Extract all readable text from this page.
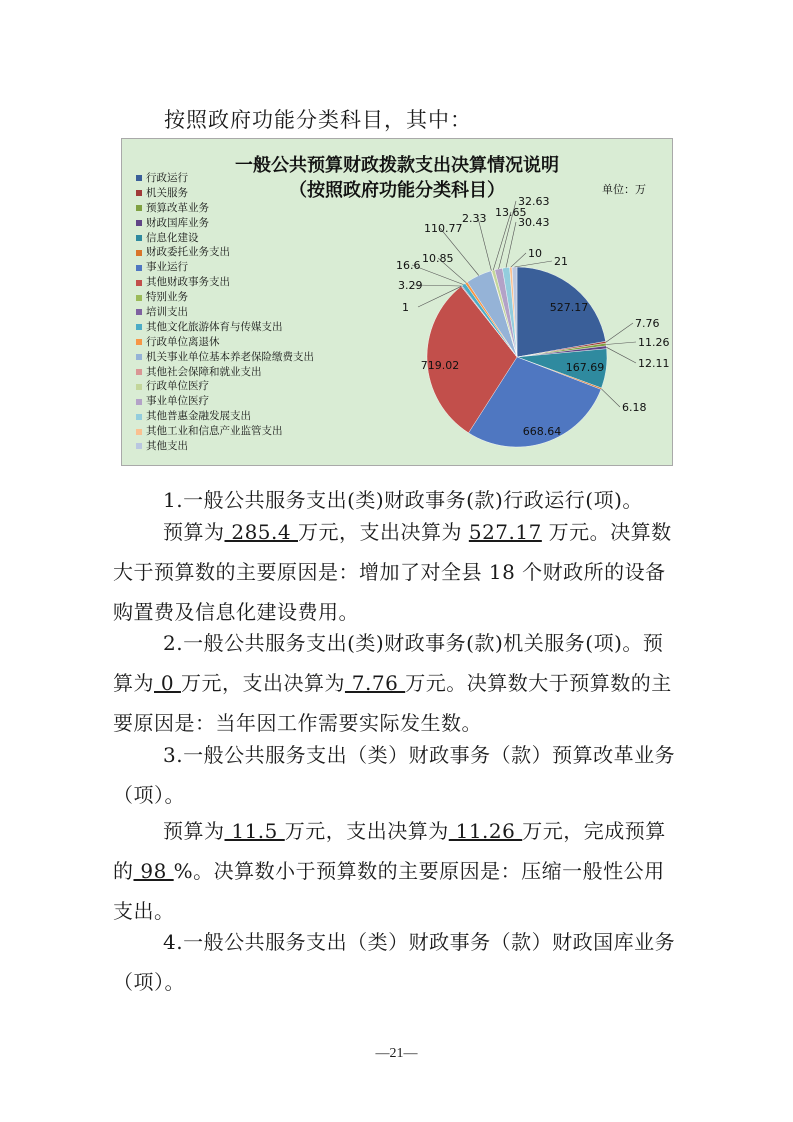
按照政府功能分类科目，其中：
527.17
7.76
11.26
12.11
167.69
6.18
668.64
719.02
1
3.29
16.6
10.85
110.77
2.33 13.65
32.63
30.43
10
21
一般公共预算财政拨款支出决算情况说明
（按照政府功能分类科目）	单位：万
行政运行
机关服务
预算改革业务
财政国库业务
信息化建设
财政委托业务支出
事业运行
其他财政事务支出
特别业务
培训支出
其他文化旅游体育与传媒支出
行政单位离退休
机关事业单位基本养老保险缴费支出
其他社会保障和就业支出
行政单位医疗
事业单位医疗
其他普惠金融发展支出
其他工业和信息产业监管支出
其他支出
1.一般公共服务支出(类)财政事务(款)行政运行(项)。
预算为 285.4 万元，支出决算为 527.17 万元。决算数大于预算数的主要原因是：增加了对全县 18 个财政所的设备购置费及信息化建设费用。
2.一般公共服务支出(类)财政事务(款)机关服务(项)。预算为 0 万元，支出决算为 7.76 万元。决算数大于预算数的主要原因是：当年因工作需要实际发生数。
3.一般公共服务支出（类）财政事务（款）预算改革业务（项）。
预算为 11.5 万元，支出决算为 11.26 万元，完成预算的 98 %。决算数小于预算数的主要原因是：压缩一般性公用支出。
4.一般公共服务支出（类）财政事务（款）财政国库业务（项）。
—21—
